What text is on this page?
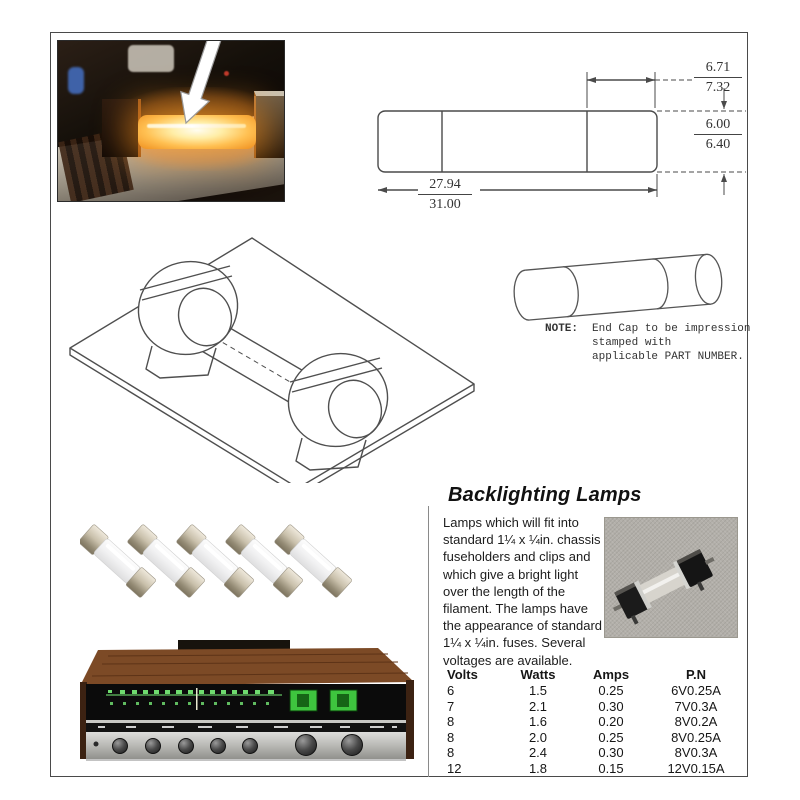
$\frac{6.71}{7.32}$
$\frac{6.00}{6.40}$
$\frac{27.94}{31.00}$
NOTE: End Cap to be impression
stamped with
applicable PART NUMBER.
Backlighting Lamps
Lamps which will fit into
standard 1¼ x ¼in. chassis
fuseholders and clips and
which give a bright light
over the length of the
filament. The lamps have
the appearance of standard
1¼ x ¼in. fuses. Several
voltages are available.
Volts	Watts	Amps	P.N
6	1.5	0.25	6V0.25A
7	2.1	0.30	7V0.3A
8	1.6	0.20	8V0.2A
8	2.0	0.25	8V0.25A
8	2.4	0.30	8V0.3A
12	1.8	0.15	12V0.15A
